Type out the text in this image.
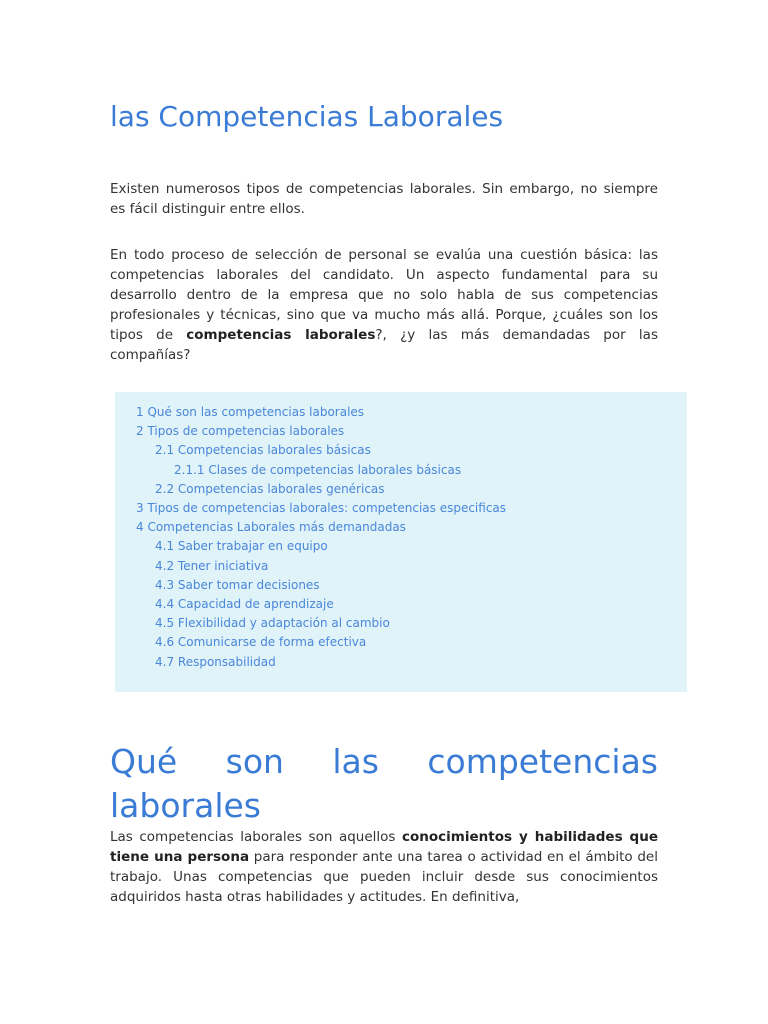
las Competencias Laborales

Existen numerosos tipos de competencias laborales. Sin embargo, no siempre es fácil distinguir entre ellos.

En todo proceso de selección de personal se evalúa una cuestión básica: las competencias laborales del candidato. Un aspecto fundamental para su desarrollo dentro de la empresa que no solo habla de sus competencias profesionales y técnicas, sino que va mucho más allá. Porque, ¿cuáles son los tipos de competencias laborales?, ¿y las más demandadas por las compañías?

1 Qué son las competencias laborales
2 Tipos de competencias laborales
2.1 Competencias laborales básicas
2.1.1 Clases de competencias laborales básicas
2.2 Competencias laborales genéricas
3 Tipos de competencias laborales: competencias especificas
4 Competencias Laborales más demandadas
4.1 Saber trabajar en equipo
4.2 Tener iniciativa
4.3 Saber tomar decisiones
4.4 Capacidad de aprendizaje
4.5 Flexibilidad y adaptación al cambio
4.6 Comunicarse de forma efectiva
4.7 Responsabilidad
Qué son las competencias
laborales

Las competencias laborales son aquellos conocimientos y habilidades que tiene una persona para responder ante una tarea o actividad en el ámbito del trabajo. Unas competencias que pueden incluir desde sus conocimientos adquiridos hasta otras habilidades y actitudes. En definitiva,
